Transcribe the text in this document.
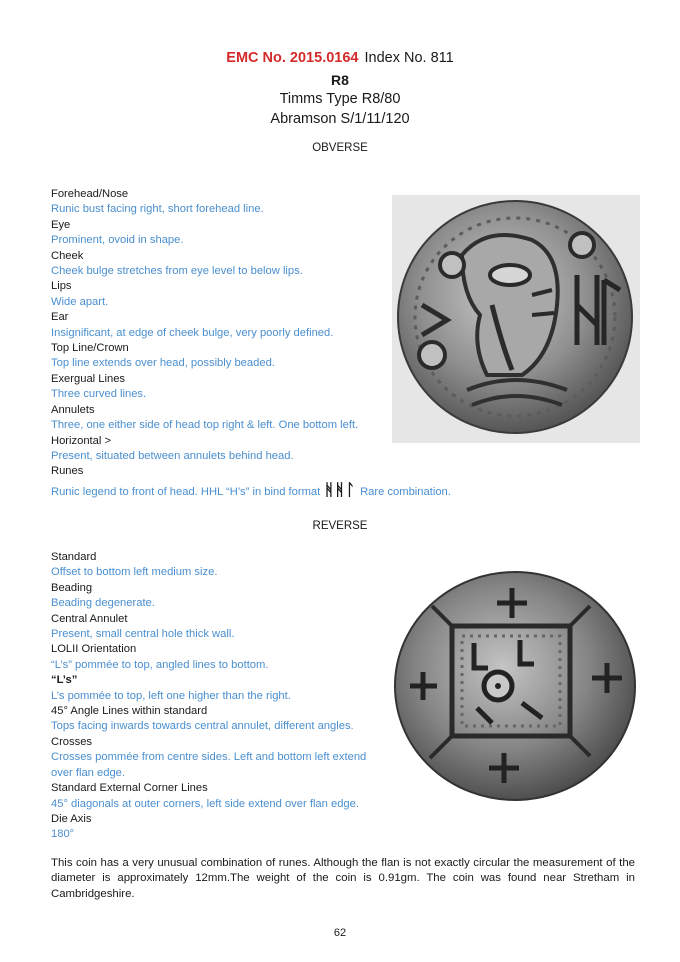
EMC No. 2015.0164 Index No. 811
R8
Timms Type R8/80
Abramson S/1/11/120
OBVERSE
Forehead/Nose
Runic bust facing right, short forehead line.
Eye
Prominent, ovoid in shape.
Cheek
Cheek bulge stretches from eye level to below lips.
Lips
Wide apart.
Ear
Insignificant, at edge of cheek bulge, very poorly defined.
Top Line/Crown
Top line extends over head, possibly beaded.
Exergual Lines
Three curved lines.
Annulets
Three, one either side of head top right & left. One bottom left.
Horizontal >
Present, situated between annulets behind head.
Runes
Runic legend to front of head. HHL “H’s” in bind format ᚻᚻᛚ Rare combination.
REVERSE
Standard
Offset to bottom left medium size.
Beading
Beading degenerate.
Central Annulet
Present, small central hole thick wall.
LOLII Orientation
“L’s” pommée to top, angled lines to bottom.
“L’s”
L’s pommée to top, left one higher than the right.
45° Angle Lines within standard
Tops facing inwards towards central annulet, different angles.
Crosses
Crosses pommée from centre sides. Left and bottom left extend over flan edge.
Standard External Corner Lines
45° diagonals at outer corners, left side extend over flan edge.
Die Axis
180°
This coin has a very unusual combination of runes. Although the flan is not exactly circular the measurement of the diameter is approximately 12mm.The weight of the coin is 0.91gm. The coin was found near Stretham in Cambridgeshire.
62
